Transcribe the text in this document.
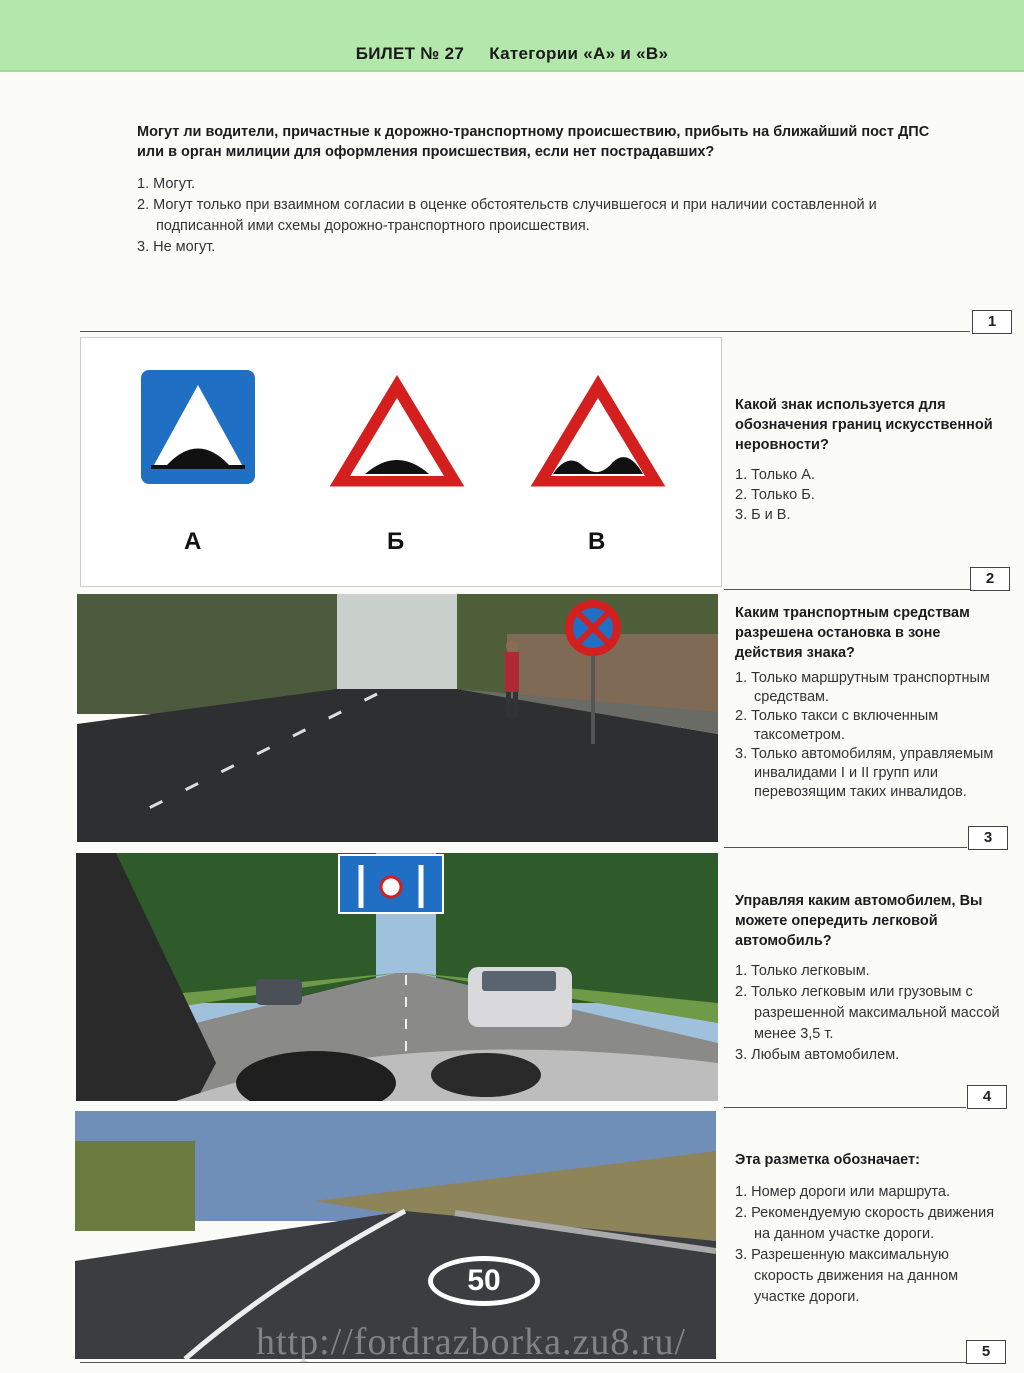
БИЛЕТ № 27 Категории «А» и «В»
Могут ли водители, причастные к дорожно-транспортному происшествию, прибыть на ближайший пост ДПС или в орган милиции для оформления происшествия, если нет пострадавших?
1. Могут.
2. Могут только при взаимном согласии в оценке обстоятельств случившегося и при наличии составленной и подписанной ими схемы дорожно-транспортного происшествия.
3. Не могут.
1
А	Б	В
Какой знак используется для обозначения границ искусственной неровности?
1. Только А.
2. Только Б.
3. Б и В.
2
Каким транспортным средствам разрешена остановка в зоне действия знака?
1. Только маршрутным транспортным средствам.
2. Только такси с включенным таксометром.
3. Только автомобилям, управляемым инвалидами I и II групп или перевозящим таких инвалидов.
3
Управляя каким автомобилем, Вы можете опередить легковой автомобиль?
1. Только легковым.
2. Только легковым или грузовым с разрешенной максимальной массой менее 3,5 т.
3. Любым автомобилем.
4
50
Эта разметка обозначает:
1. Номер дороги или маршрута.
2. Рекомендуемую скорость движения на данном участке дороги.
3. Разрешенную максимальную скорость движения на данном участке дороги.
5
http://fordrazborka.zu8.ru/
